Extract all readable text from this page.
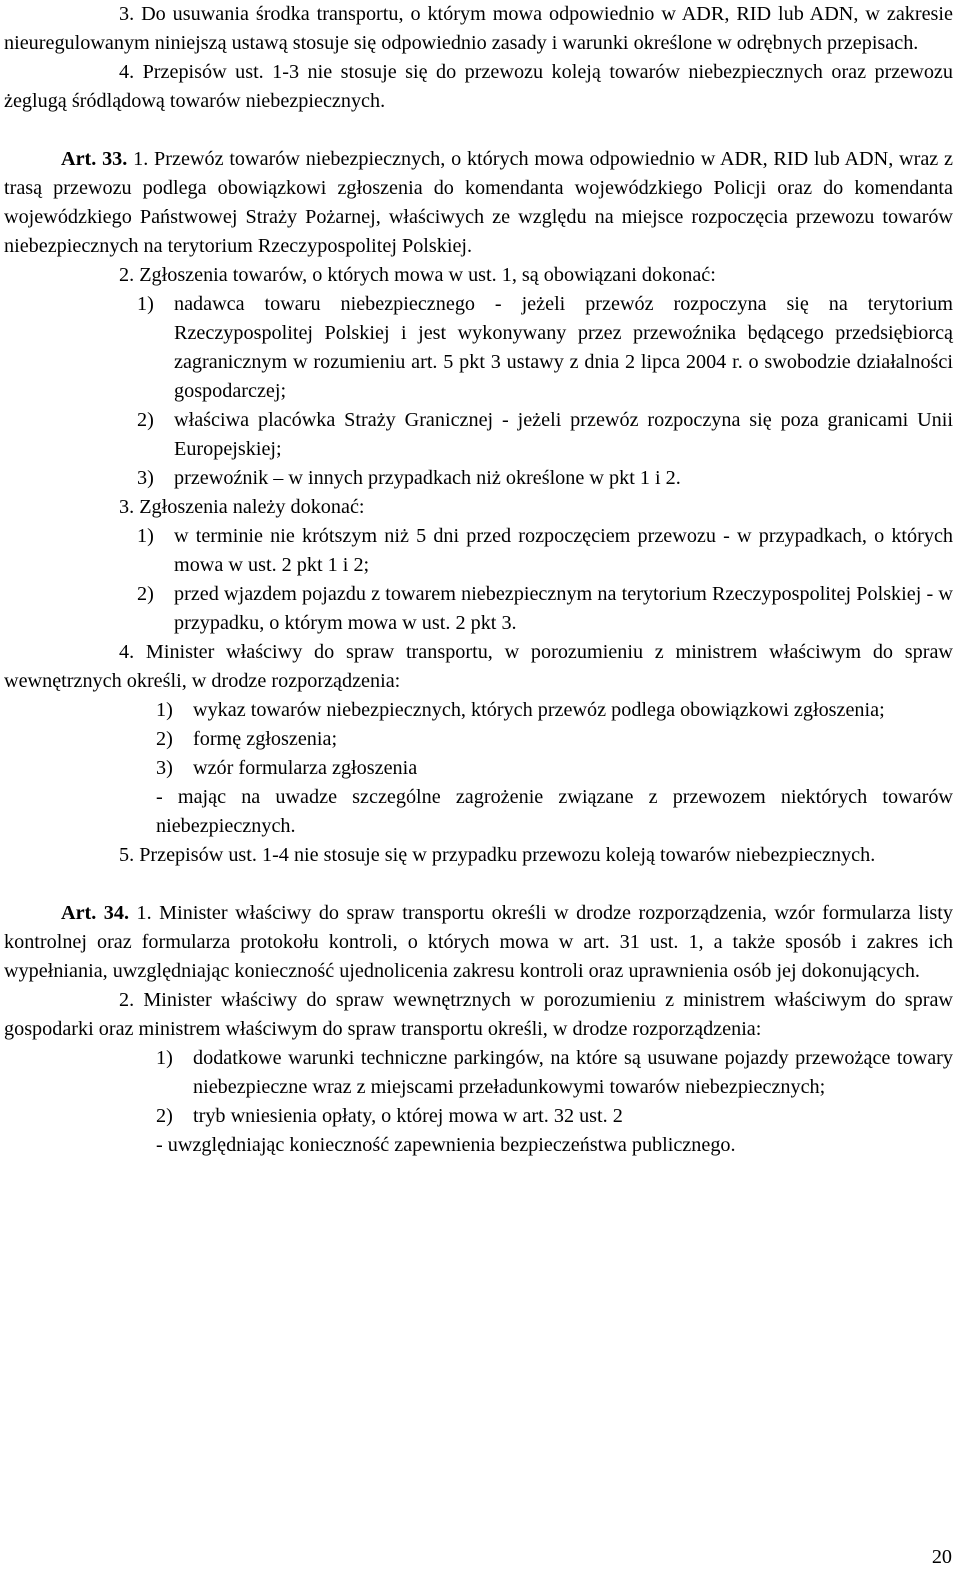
3. Do usuwania środka transportu, o którym mowa odpowiednio w ADR, RID lub ADN, w zakresie nieuregulowanym niniejszą ustawą stosuje się odpowiednio zasady i warunki określone w odrębnych przepisach.

4. Przepisów ust. 1-3 nie stosuje się do przewozu koleją towarów niebezpiecznych oraz przewozu żeglugą śródlądową towarów niebezpiecznych.

Art. 33. 1. Przewóz towarów niebezpiecznych, o których mowa odpowiednio w ADR, RID lub ADN, wraz z trasą przewozu podlega obowiązkowi zgłoszenia do komendanta wojewódzkiego Policji oraz do komendanta wojewódzkiego Państwowej Straży Pożarnej, właściwych ze względu na miejsce rozpoczęcia przewozu towarów niebezpiecznych na terytorium Rzeczypospolitej Polskiej.

2. Zgłoszenia towarów, o których mowa w ust. 1, są obowiązani dokonać:

1) nadawca towaru niebezpiecznego - jeżeli przewóz rozpoczyna się na terytorium Rzeczypospolitej Polskiej i jest wykonywany przez przewoźnika będącego przedsiębiorcą zagranicznym w rozumieniu art. 5 pkt 3 ustawy z dnia 2 lipca 2004 r. o swobodzie działalności gospodarczej;
2) właściwa placówka Straży Granicznej - jeżeli przewóz rozpoczyna się poza granicami Unii Europejskiej;
3) przewoźnik – w innych przypadkach niż określone w pkt 1 i 2.

3. Zgłoszenia należy dokonać:

1) w terminie nie krótszym niż 5 dni przed rozpoczęciem przewozu - w przypadkach, o których mowa w ust. 2 pkt 1 i 2;
2) przed wjazdem pojazdu z towarem niebezpiecznym na terytorium Rzeczypospolitej Polskiej - w przypadku, o którym mowa w ust. 2 pkt 3.

4. Minister właściwy do spraw transportu, w porozumieniu z ministrem właściwym do spraw wewnętrznych określi, w drodze rozporządzenia:

1) wykaz towarów niebezpiecznych, których przewóz podlega obowiązkowi zgłoszenia;
2) formę zgłoszenia;
3) wzór formularza zgłoszenia

- mając na uwadze szczególne zagrożenie związane z przewozem niektórych towarów niebezpiecznych.

5. Przepisów ust. 1-4 nie stosuje się w przypadku przewozu koleją towarów niebezpiecznych.

Art. 34. 1. Minister właściwy do spraw transportu określi w drodze rozporządzenia, wzór formularza listy kontrolnej oraz formularza protokołu kontroli, o których mowa w art. 31 ust. 1, a także sposób i zakres ich wypełniania, uwzględniając konieczność ujednolicenia zakresu kontroli oraz uprawnienia osób jej dokonujących.

2. Minister właściwy do spraw wewnętrznych w porozumieniu z ministrem właściwym do spraw gospodarki oraz ministrem właściwym do spraw transportu określi, w drodze rozporządzenia:

1) dodatkowe warunki techniczne parkingów, na które są usuwane pojazdy przewożące towary niebezpieczne wraz z miejscami przeładunkowymi towarów niebezpiecznych;
2) tryb wniesienia opłaty, o której mowa w art. 32 ust. 2

- uwzględniając konieczność zapewnienia bezpieczeństwa publicznego.

20
